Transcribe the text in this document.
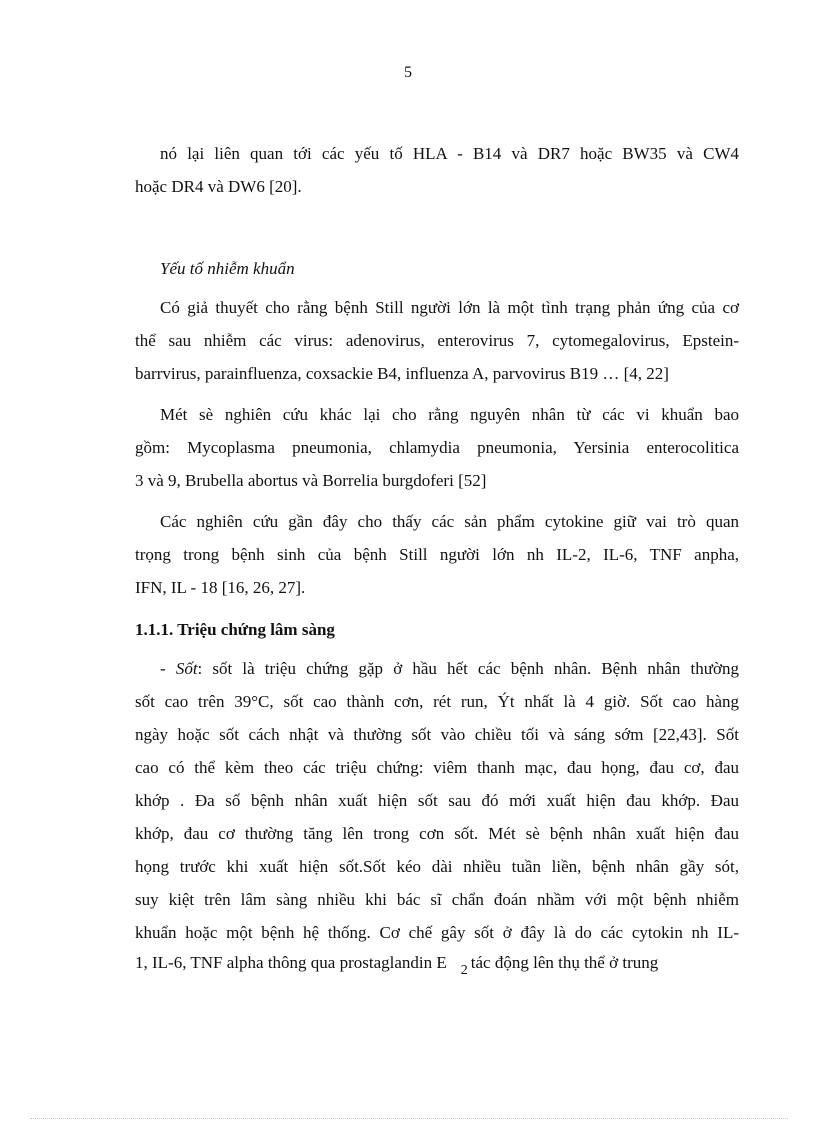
5
nó lại liên quan tới các yếu tố HLA - B14 và DR7 hoặc BW35 và CW4
hoặc DR4 và DW6 [20].
Yếu tố nhiễm khuẩn
Có giả thuyết cho rằng bệnh Still người lớn là một tình trạng phản ứng của cơ
thể sau nhiễm các virus: adenovirus, enterovirus 7, cytomegalovirus, Epstein-
barrvirus, parainfluenza, coxsackie B4, influenza A, parvovirus B19 … [4, 22]
Mét sè nghiên cứu khác lại cho rằng nguyên nhân từ các vi khuẩn bao
gồm: Mycoplasma pneumonia, chlamydia pneumonia, Yersinia enterocolitica
3 và 9, Brubella abortus và Borrelia burgdoferi [52]
Các nghiên cứu gần đây cho thấy các sản phẩm cytokine giữ vai trò quan
trọng trong bệnh sinh của bệnh Still người lớn nh IL-2, IL-6, TNF anpha,
IFN, IL - 18 [16, 26, 27].
1.1.1. Triệu chứng lâm sàng
- Sốt: sốt là triệu chứng gặp ở hầu hết các bệnh nhân. Bệnh nhân thường
sốt cao trên 39°C, sốt cao thành cơn, rét run, Ýt nhất là 4 giờ. Sốt cao hàng
ngày hoặc sốt cách nhật và thường sốt vào chiều tối và sáng sớm [22,43]. Sốt
cao có thể kèm theo các triệu chứng: viêm thanh mạc, đau họng, đau cơ, đau
khớp . Đa số bệnh nhân xuất hiện sốt sau đó mới xuất hiện đau khớp. Đau
khớp, đau cơ thường tăng lên trong cơn sốt. Mét sè bệnh nhân xuất hiện đau
họng trước khi xuất hiện sốt.Sốt kéo dài nhiều tuần liền, bệnh nhân gầy sót,
suy kiệt trên lâm sàng nhiều khi bác sĩ chẩn đoán nhầm với một bệnh nhiễm
khuẩn hoặc một bệnh hệ thống. Cơ chế gây sốt ở đây là do các cytokin nh IL-
1, IL-6, TNF alpha thông qua prostaglandin E $_2$ tác động lên thụ thể ở trung
